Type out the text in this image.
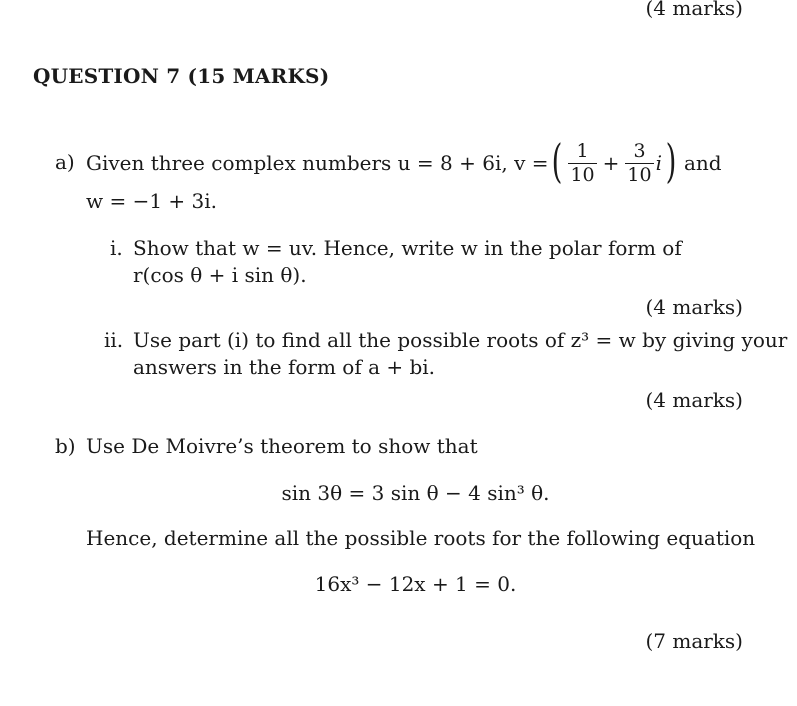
(4 marks)
QUESTION 7 (15 MARKS)
a) Given three complex numbers u = 8 + 6i, v = ( $\frac{1}{10} + \frac{3}{10}$ i ) and
w = −1 + 3i.
i. Show that w = uv. Hence, write w in the polar form of
r(cos θ + i sin θ).
(4 marks)
ii. Use part (i) to find all the possible roots of z³ = w by giving your
answers in the form of a + bi.
(4 marks)
b) Use De Moivre’s theorem to show that
sin 3θ = 3 sin θ − 4 sin³ θ.
Hence, determine all the possible roots for the following equation
16x³ − 12x + 1 = 0.
(7 marks)
